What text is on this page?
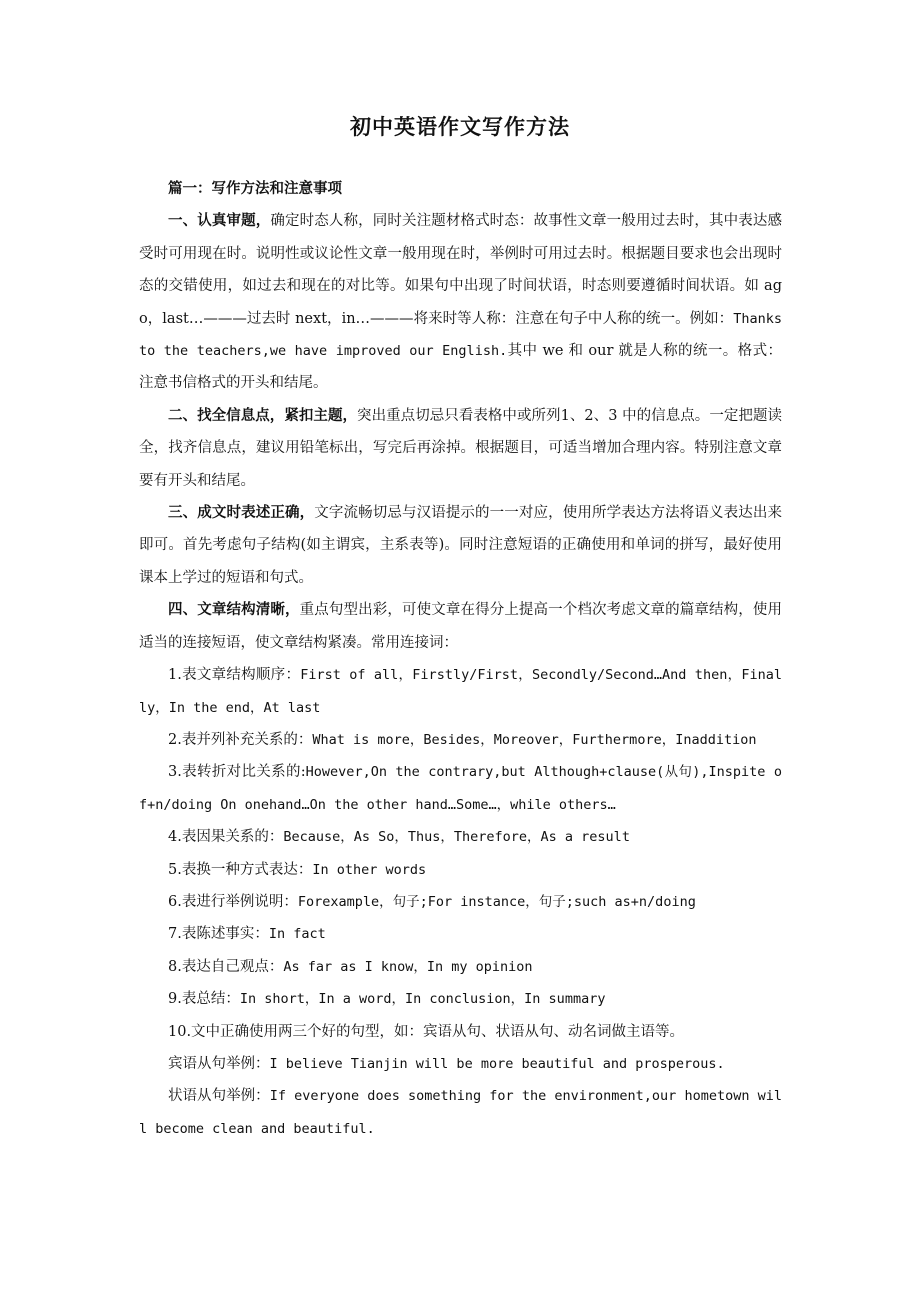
初中英语作文写作方法

篇一：写作方法和注意事项

一、认真审题，确定时态人称，同时关注题材格式时态：故事性文章一般用过去时，其中表达感受时可用现在时。说明性或议论性文章一般用现在时，举例时可用过去时。根据题目要求也会出现时态的交错使用，如过去和现在的对比等。如果句中出现了时间状语，时态则要遵循时间状语。如 ago，last…———过去时 next，in…———将来时等人称：注意在句子中人称的统一。例如：Thanks to the teachers,we have improved our English.其中 we 和 our 就是人称的统一。格式：注意书信格式的开头和结尾。

二、找全信息点，紧扣主题，突出重点切忌只看表格中或所列1、2、3 中的信息点。一定把题读全，找齐信息点，建议用铅笔标出，写完后再涂掉。根据题目，可适当增加合理内容。特别注意文章要有开头和结尾。

三、成文时表述正确，文字流畅切忌与汉语提示的一一对应，使用所学表达方法将语义表达出来即可。首先考虑句子结构(如主谓宾，主系表等)。同时注意短语的正确使用和单词的拼写，最好使用课本上学过的短语和句式。

四、文章结构清晰，重点句型出彩，可使文章在得分上提高一个档次考虑文章的篇章结构，使用适当的连接短语，使文章结构紧凑。常用连接词：

1.表文章结构顺序：First of all，Firstly/First，Secondly/Second…And then，Finally，In the end，At last

2.表并列补充关系的：What is more，Besides，Moreover，Furthermore，Inaddition

3.表转折对比关系的:However,On the contrary,but Although+clause(从句),Inspite of+n/doing On onehand…On the other hand…Some…，while others…

4.表因果关系的：Because，As So，Thus，Therefore，As a result

5.表换一种方式表达：In other words

6.表进行举例说明：Forexample，句子;For instance，句子;such as+n/doing

7.表陈述事实：In fact

8.表达自己观点：As far as I know，In my opinion

9.表总结：In short，In a word，In conclusion，In summary

10.文中正确使用两三个好的句型，如：宾语从句、状语从句、动名词做主语等。

宾语从句举例：I believe Tianjin will be more beautiful and prosperous.

状语从句举例：If everyone does something for the environment,our hometown will become clean and beautiful.
